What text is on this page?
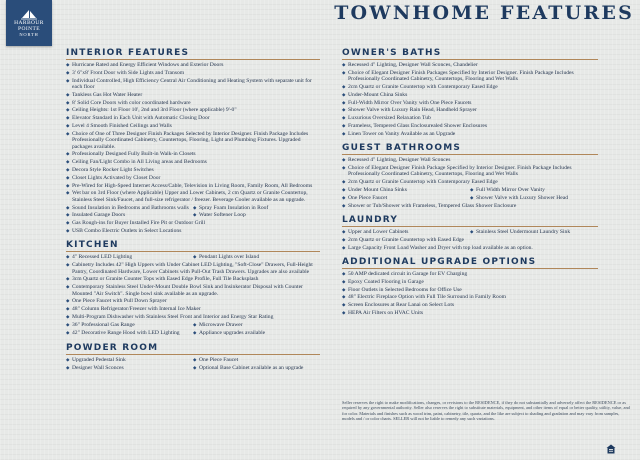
HARBOUR
POINTE
NORTH
TOWNHOME FEATURES
INTERIOR FEATURES
◆ Hurricane Rated and Energy Efficient Windows and Exterior Doors
◆ 3' 6"x8' Front Door with Side Lights and Transom
◆ Individual Controlled, High Efficiency Central Air Conditioning and Heating System with separate unit for each floor
◆ Tankless Gas Hot Water Heater
◆ 8' Solid Core Doors with color coordinated hardware
◆ Ceiling Heights: 1st Floor 10', 2nd and 3rd Floor (where applicable) 9'-0"
◆ Elevator Standard in Each Unit with Automatic Closing Door
◆ Level 4 Smooth Finished Ceilings and Walls
◆ Choice of One of Three Designer Finish Packages Selected by Interior Designer. Finish Package Includes Professionally Coordinated Cabinetry, Countertops, Flooring, Light and Plumbing Fixtures. Upgraded packages available.
◆ Professionally Designed Fully Built-in Walk-in Closets
◆ Ceiling Fan/Light Combo in All Living areas and Bedrooms
◆ Decora Style Rocker Light Switches
◆ Closet Lights Activated by Closet Door
◆ Pre-Wired for High-Speed Internet Access/Cable, Television in Living Room, Family Room, All Bedrooms
◆ Wet bar on 3rd Floor (where Applicable) Upper and Lower Cabinets, 2 cm Quartz or Granite Countertop, Stainless Steel Sink/Faucet, and full-size refrigerator / freezer. Beverage Cooler available as an upgrade.
◆ Sound Insulation in Bedrooms and Bathrooms walls	◆ Spray Foam Insulation in Roof
◆ Insulated Garage Doors	◆ Water Softener Loop
◆ Gas Rough-ins for Buyer Installed Fire Pit or Outdoor Grill
◆ USB Combo Electric Outlets in Select Locations
KITCHEN
◆ 4" Recessed LED Lighting	◆ Pendant Lights over Island
◆ Cabinetry Includes 42" High Uppers with Under Cabinet LED Lighting, "Soft-Close" Drawers, Full-Height Pantry, Coordinated Hardware, Lower Cabinets with Pull-Out Trash Drawers. Upgrades are also available
◆ 3cm Quartz or Granite Counter Tops with Eased Edge Profile, Full Tile Backsplash
◆ Contemporary Stainless Steel Under-Mount Double Bowl Sink and Insinkerator Disposal with Counter Mounted "Air Switch". Single bowl sink available as an upgrade.
◆ One Piece Faucet with Pull Down Sprayer
◆ 48" Column Refrigerator/Freezer with Internal Ice Maker
◆ Multi-Program Dishwasher with Stainless Steel Front and Interior and Energy Star Rating
◆ 36" Professional Gas Range	◆ Microwave Drawer
◆ 42" Decorative Range Hood with LED Lighting	◆ Appliance upgrades available
POWDER ROOM
◆ Upgraded Pedestal Sink	◆ One Piece Faucet
◆ Designer Wall Sconces	◆ Optional Base Cabinet available as an upgrade
OWNER'S BATHS
◆ Recessed 4" Lighting, Designer Wall Sconces, Chandelier
◆ Choice of Elegant Designer Finish Packages Specified by Interior Designer. Finish Package Includes Professionally Coordinated Cabinetry, Countertops, Flooring and Wet Walls
◆ 2cm Quartz or Granite Countertop with Contemporary Eased Edge
◆ Under-Mount China Sinks
◆ Full-Width Mirror Over Vanity with One Piece Faucets
◆ Shower Valve with Luxury Rain Head, Handheld Sprayer
◆ Luxurious Oversized Relaxation Tub
◆ Frameless, Tempered Glass Enclosurealed Shower Enclosures
◆ Linen Tower on Vanity Available as an Upgrade
GUEST BATHROOMS
◆ Recessed 4" Lighting, Designer Wall Sconces
◆ Choice of Elegant Designer Finish Package Specified by Interior Designer. Finish Package Includes Professionally Coordinated Cabinetry, Countertops, Flooring and Wet Walls
◆ 2cm Quartz or Granite Countertop with Contemporary Eased Edge
◆ Under Mount China Sinks	◆ Full Width Mirror Over Vanity
◆ One Piece Faucet	◆ Shower Valve with Luxury Shower Head
◆ Shower or Tub/Shower with Frameless, Tempered Glass Shower Enclosure
LAUNDRY
◆ Upper and Lower Cabinets	◆ Stainless Steel Undermount Laundry Sink
◆ 2cm Quartz or Granite Countertop with Eased Edge
◆ Large Capacity Front Load Washer and Dryer with top load available as an option.
ADDITIONAL UPGRADE OPTIONS
◆ 50 AMP dedicated circuit in Garage for EV Charging
◆ Epoxy Coated Flooring in Garage
◆ Floor Outlets in Selected Bedrooms for Office Use
◆ 48" Electric Fireplace Option with Full Tile Surround in Family Room
◆ Screen Enclosures at Rear Lanai on Select Lots
◆ HEPA Air Filters on HVAC Units
Seller reserves the right to make modifications, changes, or revisions to the RESIDENCE, if they do not substantially and adversely affect the RESIDENCE or as required by any governmental authority. Seller also reserves the right to substitute materials, equipment, and other items of equal or better quality, utility, value, and for color. Materials and finishes such as wood trim, paint, cabinetry, tile, quartz, and the like are subject to shading and gradation and may vary from samples, models and / or color charts. SELLER will not be liable to remedy any such variations.
